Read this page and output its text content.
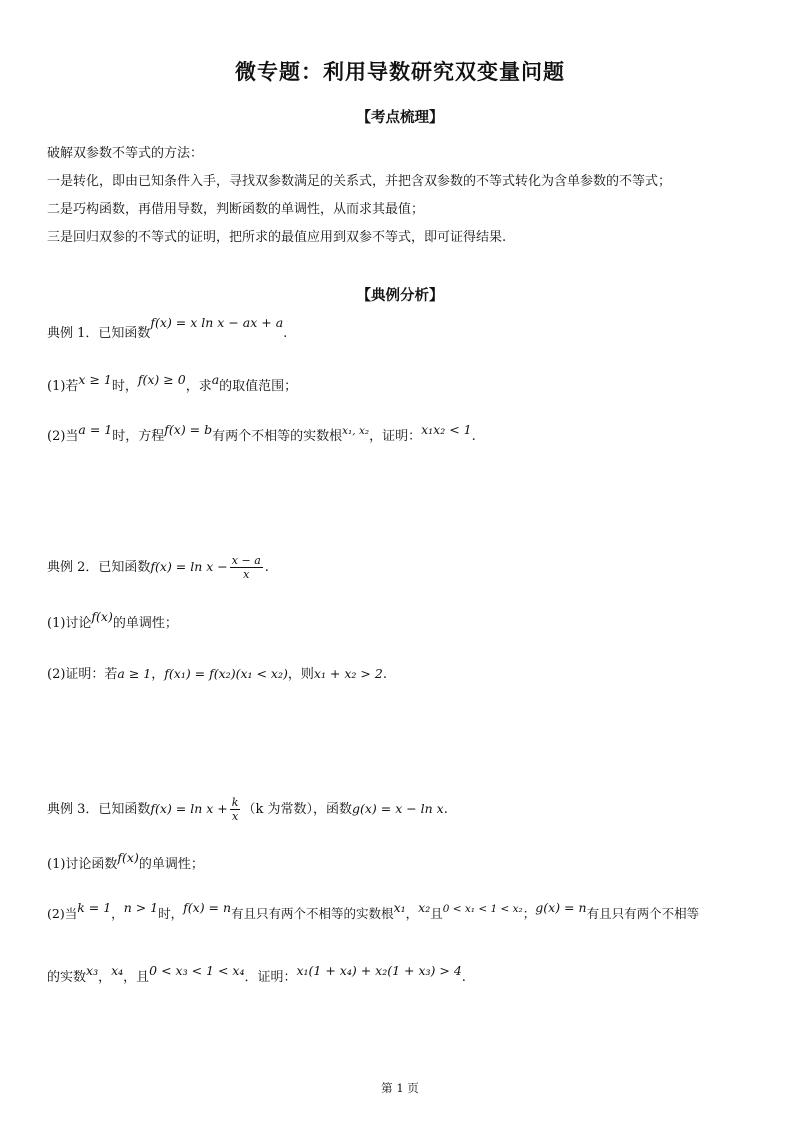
微专题：利用导数研究双变量问题
【考点梳理】
破解双参数不等式的方法：
一是转化，即由已知条件入手，寻找双参数满足的关系式，并把含双参数的不等式转化为含单参数的不等式；
二是巧构函数，再借用导数，判断函数的单调性，从而求其最值；
三是回归双参的不等式的证明，把所求的最值应用到双参不等式，即可证得结果.
【典例分析】
典例 1．已知函数f(x) = x ln x − ax + a.
(1)若x ≥ 1时，f(x) ≥ 0，求a的取值范围；
(2)当a = 1时，方程f(x) = b有两个不相等的实数根$^{x_1, x_2}$，证明：x₁x₂ < 1.
典例 2．已知函数$f(x) = \ln x - \frac{x - a}{x}$ .
(1)讨论f(x)的单调性；
(2)证明：若a ≥ 1，f(x₁) = f(x₂)(x₁ < x₂)，则x₁ + x₂ > 2.
典例 3．已知函数$f(x) = \ln x + \frac{k}{x} (k$ 为常数），函数g(x) = x − ln x.
(1)讨论函数f(x)的单调性；
(2)当k = 1，n > 1时，f(x) = n有且只有两个不相等的实数根x₁，x₂且$^{0 < x_1 < 1 < x_2}$；g(x) = n有且只有两个不相等
的实数x₃，x₄，且0 < x₃ < 1 < x₄．证明：x₁(1 + x₄) + x₂(1 + x₃) > 4.
第 1 页
